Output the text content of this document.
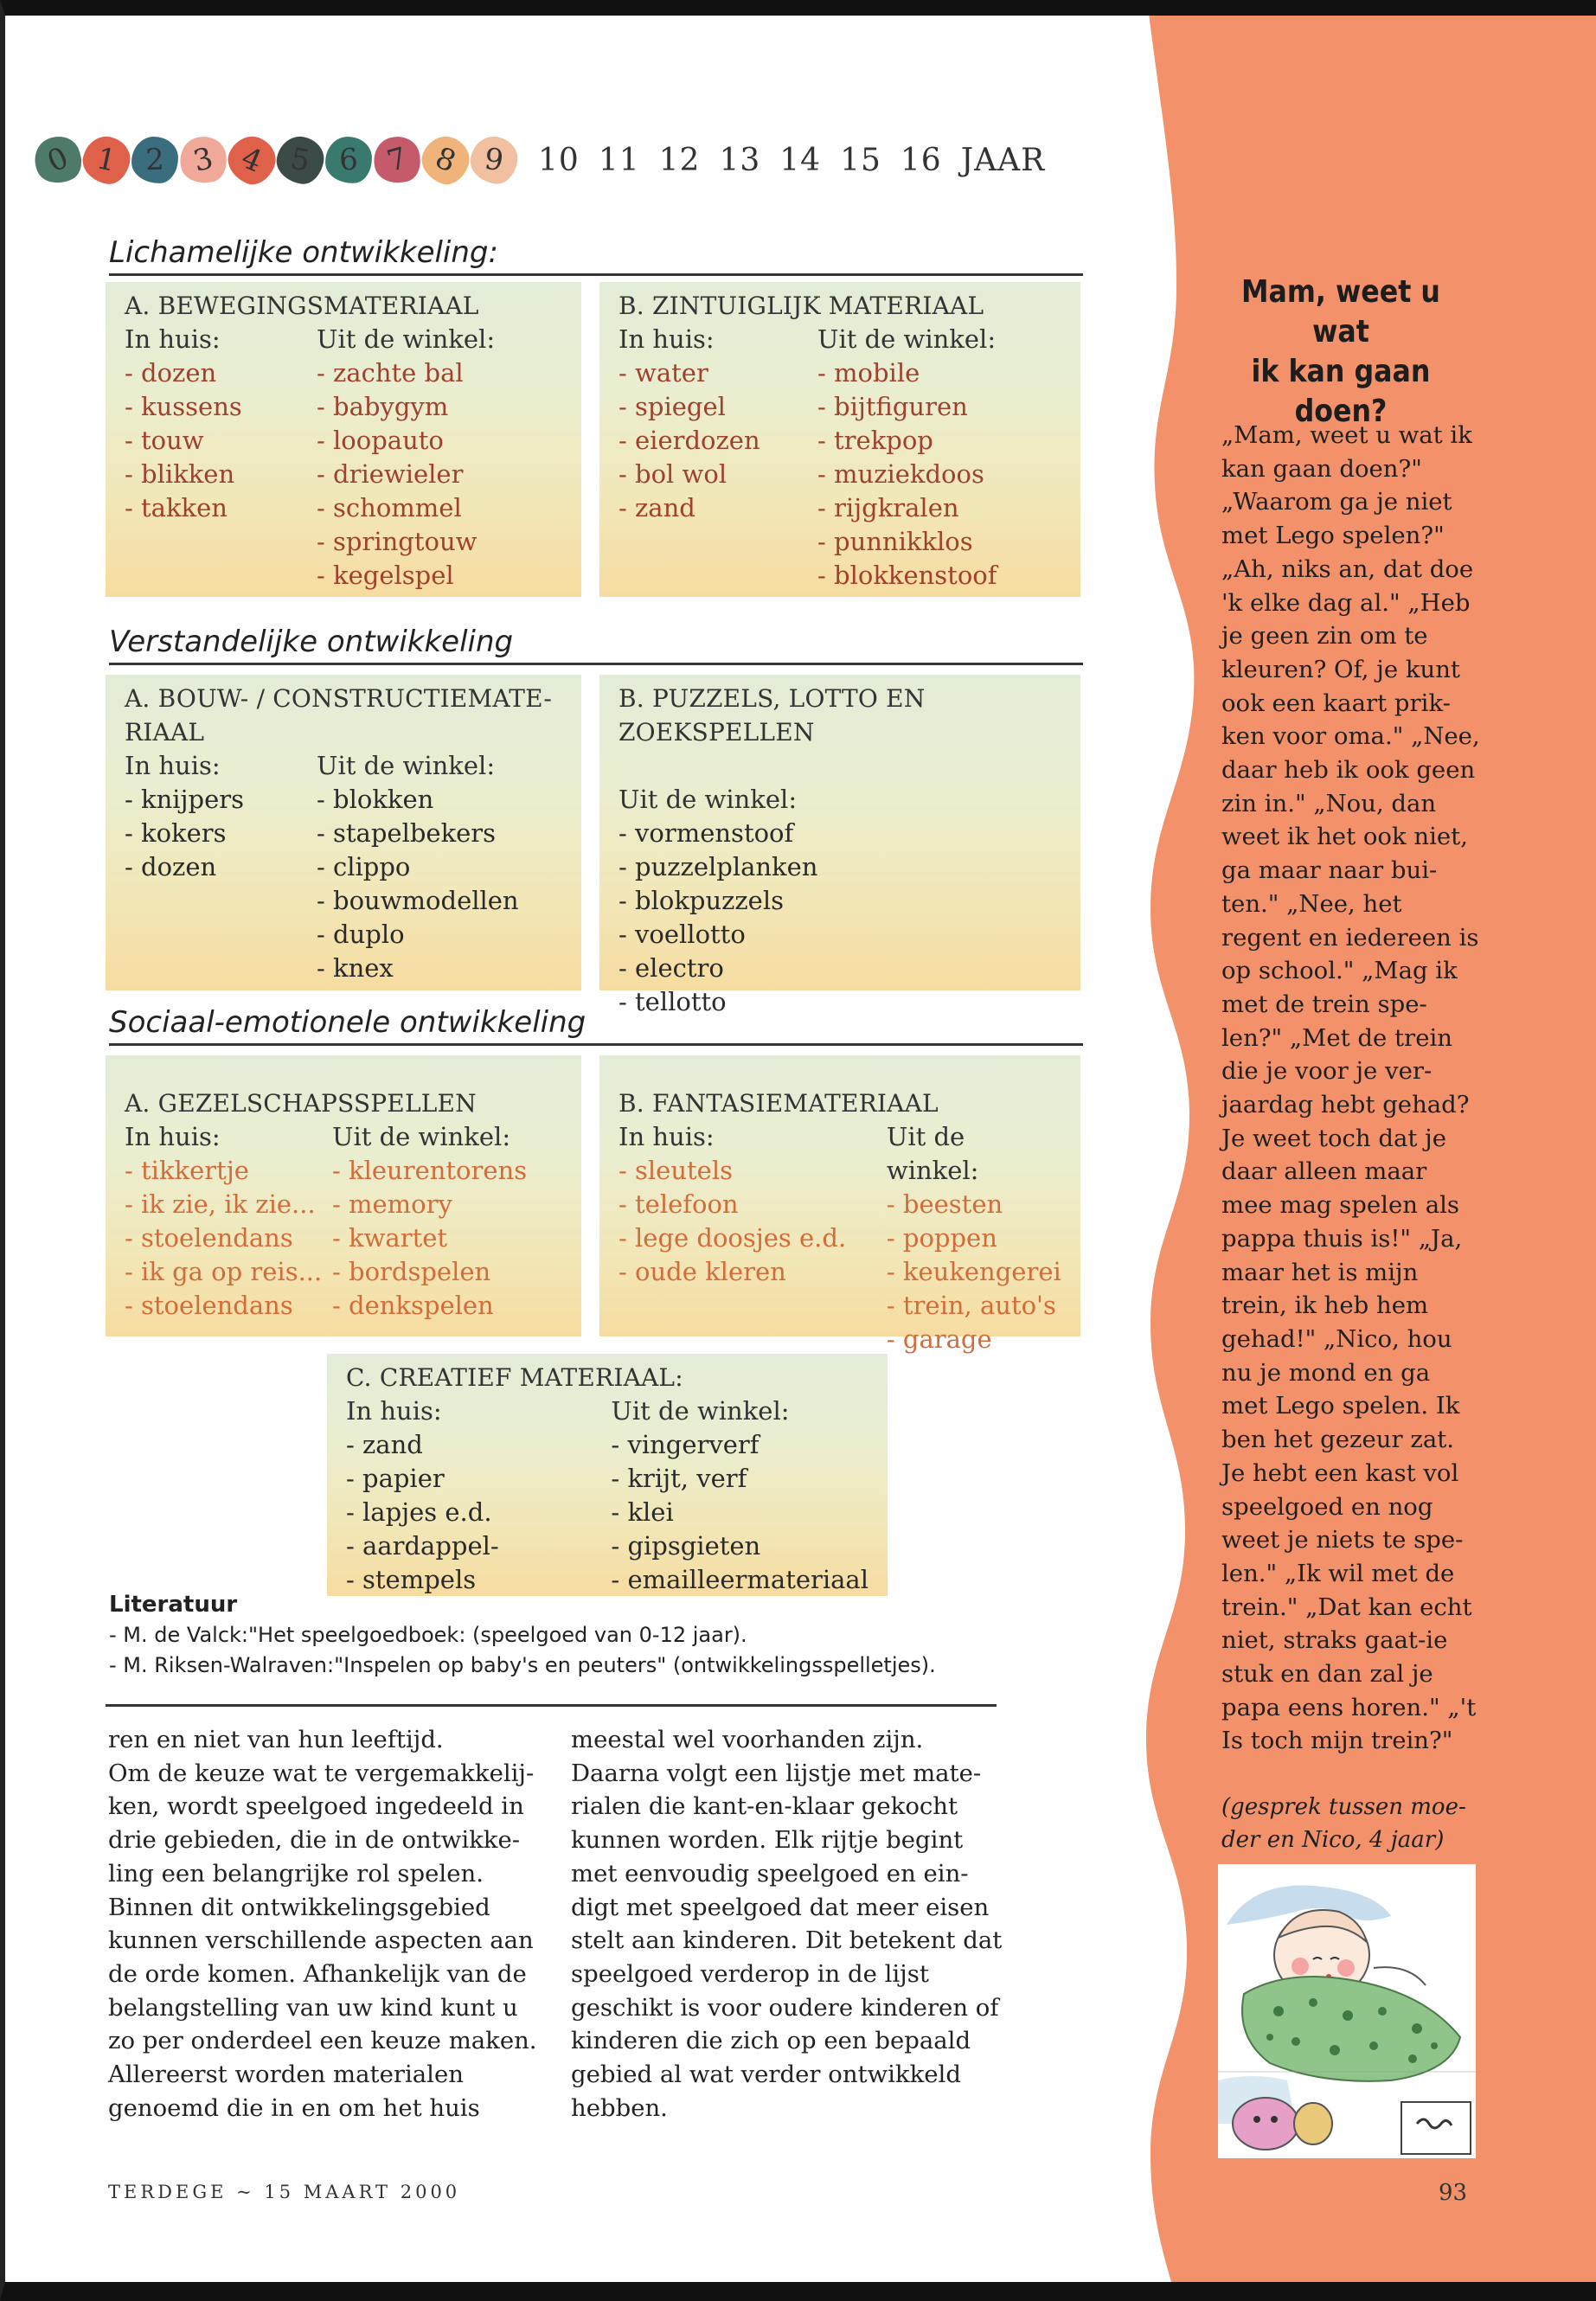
0 1 2 3 4 5 6 7 8 9	10 11 12 13 14 15 16 JAAR
Lichamelijke ontwikkeling:
A. BEWEGINGSMATERIAAL
In huis:
- dozen
- kussens
- touw
- blikken
- takken
Uit de winkel:
- zachte bal
- babygym
- loopauto
- driewieler
- schommel
- springtouw
- kegelspel
B. ZINTUIGLIJK MATERIAAL
In huis:
- water
- spiegel
- eierdozen
- bol wol
- zand
Uit de winkel:
- mobile
- bijtfiguren
- trekpop
- muziekdoos
- rijgkralen
- punnikklos
- blokkenstoof
Verstandelijke ontwikkeling
A. BOUW- / CONSTRUCTIEMATE-
RIAAL
In huis:
- knijpers
- kokers
- dozen
Uit de winkel:
- blokken
- stapelbekers
- clippo
- bouwmodellen
- duplo
- knex
B. PUZZELS, LOTTO EN ZOEKSPELLEN
Uit de winkel:
- vormenstoof
- puzzelplanken
- blokpuzzels
- voellotto
- electro
- tellotto
Sociaal-emotionele ontwikkeling
A. GEZELSCHAPSSPELLEN
In huis:
- tikkertje
- ik zie, ik zie...
- stoelendans
- ik ga op reis...
- stoelendans
Uit de winkel:
- kleurentorens
- memory
- kwartet
- bordspelen
- denkspelen
B. FANTASIEMATERIAAL
In huis:
- sleutels
- telefoon
- lege doosjes e.d.
- oude kleren
Uit de winkel:
- beesten
- poppen
- keukengerei
- trein, auto's
- garage
C. CREATIEF MATERIAAL:
In huis:
- zand
- papier
- lapjes e.d.
- aardappel-
- stempels
Uit de winkel:
- vingerverf
- krijt, verf
- klei
- gipsgieten
- emailleermateriaal
Literatuur
- M. de Valck:"Het speelgoedboek: (speelgoed van 0-12 jaar).
- M. Riksen-Walraven:"Inspelen op baby's en peuters" (ontwikkelingsspelletjes).
ren en niet van hun leeftijd.
Om de keuze wat te vergemakkelij-
ken, wordt speelgoed ingedeeld in
drie gebieden, die in de ontwikke-
ling een belangrijke rol spelen.
Binnen dit ontwikkelingsgebied
kunnen verschillende aspecten aan
de orde komen. Afhankelijk van de
belangstelling van uw kind kunt u
zo per onderdeel een keuze maken.
Allereerst worden materialen
genoemd die in en om het huis
meestal wel voorhanden zijn.
Daarna volgt een lijstje met mate-
rialen die kant-en-klaar gekocht
kunnen worden. Elk rijtje begint
met eenvoudig speelgoed en ein-
digt met speelgoed dat meer eisen
stelt aan kinderen. Dit betekent dat
speelgoed verderop in de lijst
geschikt is voor oudere kinderen of
kinderen die zich op een bepaald
gebied al wat verder ontwikkeld
hebben.
Mam, weet u wat
ik kan gaan doen?
„Mam, weet u wat ik
kan gaan doen?"
„Waarom ga je niet
met Lego spelen?"
„Ah, niks an, dat doe
'k elke dag al." „Heb
je geen zin om te
kleuren? Of, je kunt
ook een kaart prik-
ken voor oma." „Nee,
daar heb ik ook geen
zin in." „Nou, dan
weet ik het ook niet,
ga maar naar bui-
ten." „Nee, het
regent en iedereen is
op school." „Mag ik
met de trein spe-
len?" „Met de trein
die je voor je ver-
jaardag hebt gehad?
Je weet toch dat je
daar alleen maar
mee mag spelen als
pappa thuis is!" „Ja,
maar het is mijn
trein, ik heb hem
gehad!" „Nico, hou
nu je mond en ga
met Lego spelen. Ik
ben het gezeur zat.
Je hebt een kast vol
speelgoed en nog
weet je niets te spe-
len." „Ik wil met de
trein." „Dat kan echt
niet, straks gaat-ie
stuk en dan zal je
papa eens horen." „'t
Is toch mijn trein?"
(gesprek tussen moe-
der en Nico, 4 jaar)
TERDEGE ~ 15 MAART 2000	93
